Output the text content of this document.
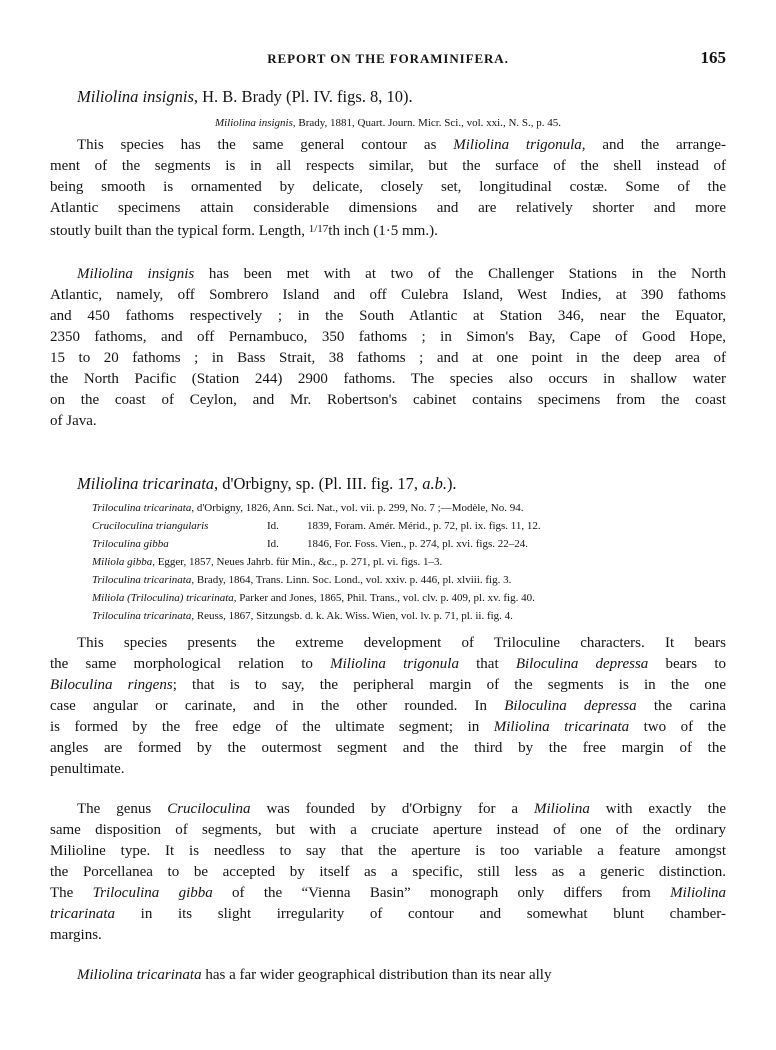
REPORT ON THE FORAMINIFERA.	165
Miliolina insignis, H. B. Brady (Pl. IV. figs. 8, 10).
Miliolina insignis, Brady, 1881, Quart. Journ. Micr. Sci., vol. xxi., N. S., p. 45.
This species has the same general contour as Miliolina trigonula, and the arrange-
ment of the segments is in all respects similar, but the surface of the shell instead of
being smooth is ornamented by delicate, closely set, longitudinal costæ. Some of the
Atlantic specimens attain considerable dimensions and are relatively shorter and more
stoutly built than the typical form. Length, $^{1/17}$th inch (1·5 mm.).
Miliolina insignis has been met with at two of the Challenger Stations in the North
Atlantic, namely, off Sombrero Island and off Culebra Island, West Indies, at 390 fathoms
and 450 fathoms respectively ; in the South Atlantic at Station 346, near the Equator,
2350 fathoms, and off Pernambuco, 350 fathoms ; in Simon's Bay, Cape of Good Hope,
15 to 20 fathoms ; in Bass Strait, 38 fathoms ; and at one point in the deep area of
the North Pacific (Station 244) 2900 fathoms. The species also occurs in shallow water
on the coast of Ceylon, and Mr. Robertson's cabinet contains specimens from the coast
of Java.
Miliolina tricarinata, d'Orbigny, sp. (Pl. III. fig. 17, a.b.).
Triloculina tricarinata, d'Orbigny, 1826, Ann. Sci. Nat., vol. vii. p. 299, No. 7 ;—Modèle, No. 94.
Cruciloculina triangularis	Id.	1839, Foram. Amér. Mérid., p. 72, pl. ix. figs. 11, 12.
Triloculina gibba	Id.	1846, For. Foss. Vien., p. 274, pl. xvi. figs. 22–24.
Miliola gibba, Egger, 1857, Neues Jahrb. für Min., &c., p. 271, pl. vi. figs. 1–3.
Triloculina tricarinata, Brady, 1864, Trans. Linn. Soc. Lond., vol. xxiv. p. 446, pl. xlviii. fig. 3.
Miliola (Triloculina) tricarinata, Parker and Jones, 1865, Phil. Trans., vol. clv. p. 409, pl. xv. fig. 40.
Triloculina tricarinata, Reuss, 1867, Sitzungsb. d. k. Ak. Wiss. Wien, vol. lv. p. 71, pl. ii. fig. 4.
This species presents the extreme development of Triloculine characters. It bears
the same morphological relation to Miliolina trigonula that Biloculina depressa bears to
Biloculina ringens; that is to say, the peripheral margin of the segments is in the one
case angular or carinate, and in the other rounded. In Biloculina depressa the carina
is formed by the free edge of the ultimate segment; in Miliolina tricarinata two of the
angles are formed by the outermost segment and the third by the free margin of the
penultimate.
The genus Cruciloculina was founded by d'Orbigny for a Miliolina with exactly the
same disposition of segments, but with a cruciate aperture instead of one of the ordinary
Milioline type. It is needless to say that the aperture is too variable a feature amongst
the Porcellanea to be accepted by itself as a specific, still less as a generic distinction.
The Triloculina gibba of the “Vienna Basin” monograph only differs from Miliolina
tricarinata in its slight irregularity of contour and somewhat blunt chamber-
margins.
Miliolina tricarinata has a far wider geographical distribution than its near ally
